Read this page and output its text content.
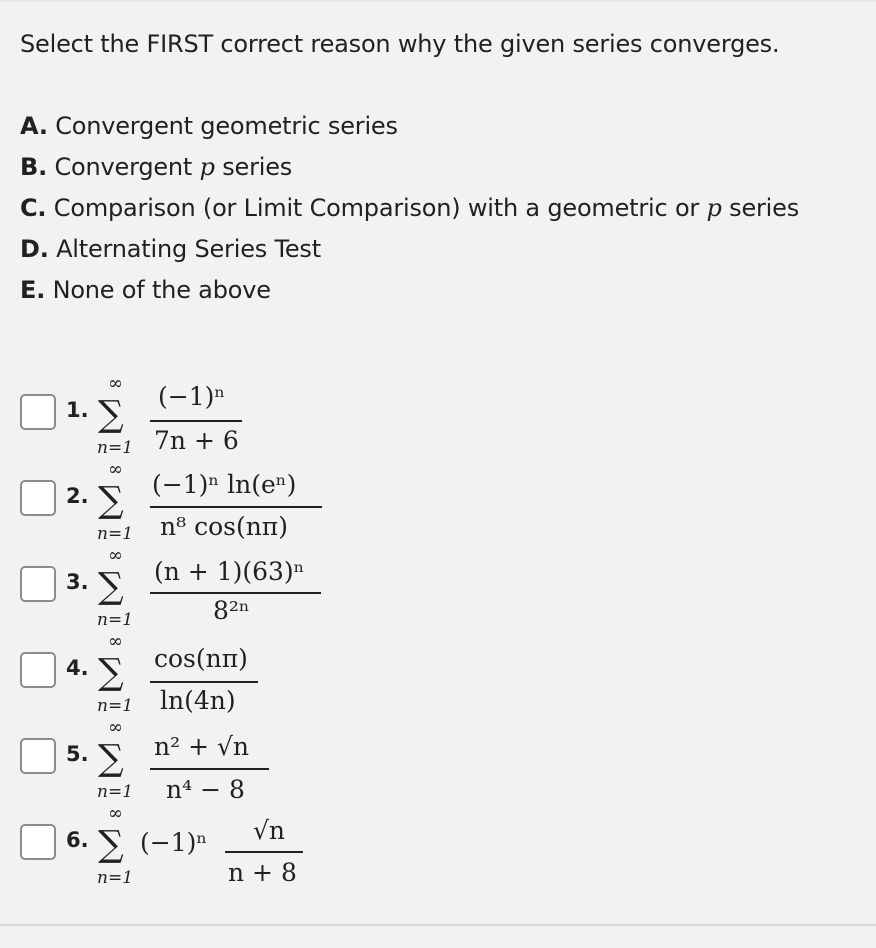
Select the FIRST correct reason why the given series converges.
A. Convergent geometric series
B. Convergent p series
C. Comparison (or Limit Comparison) with a geometric or p series
D. Alternating Series Test
E. None of the above
1.
∞
∑
n=1
(−1)ⁿ
7n + 6
2.
∞
∑
n=1
(−1)ⁿ ln(eⁿ)
n⁸ cos(nπ)
3.
∞
∑
n=1
(n + 1)(63)ⁿ
8²ⁿ
4.
∞
∑
n=1
cos(nπ)
ln(4n)
5.
∞
∑
n=1
n² + √n
n⁴ − 8
6.
∞
∑
n=1
(−1)ⁿ √n
n + 8
